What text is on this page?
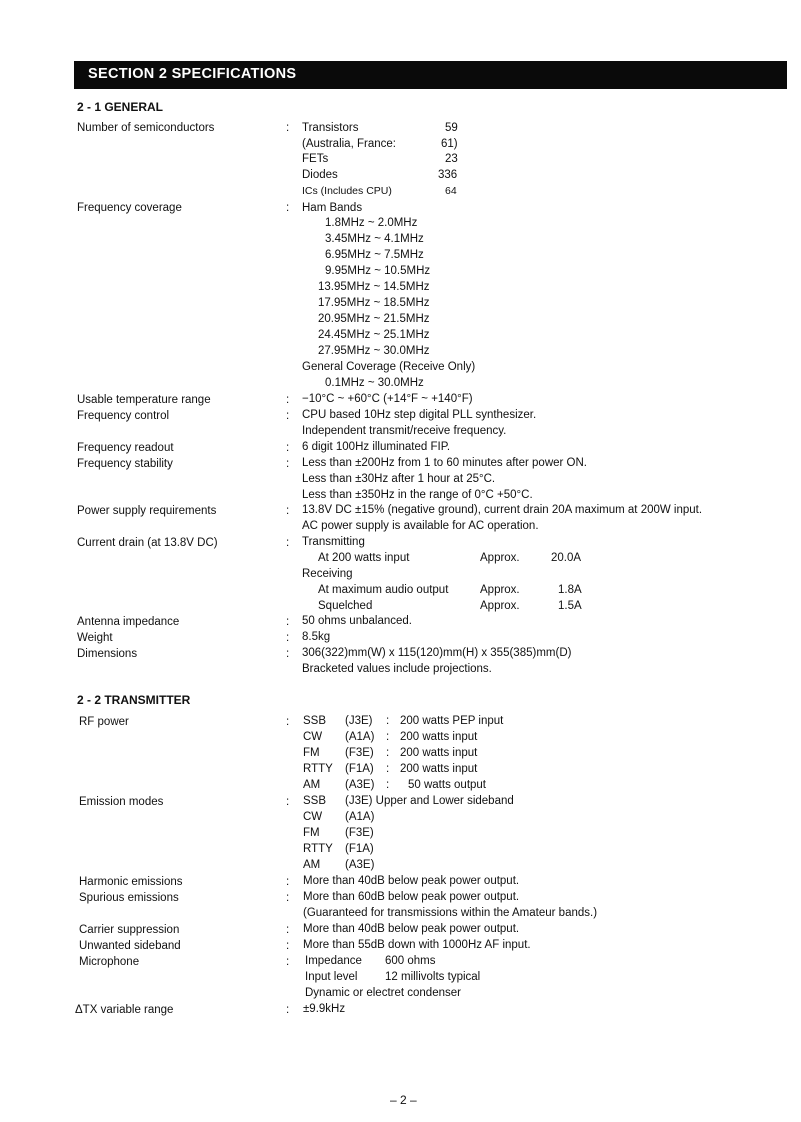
SECTION 2 SPECIFICATIONS
2 - 1 GENERAL
Number of semiconductors	: Transistors	59
(Australia, France:	61)
FETs	23
Diodes	336
ICs (Includes CPU)	64
Frequency coverage	: Ham Bands
1.8MHz ~ 2.0MHz
3.45MHz ~ 4.1MHz
6.95MHz ~ 7.5MHz
9.95MHz ~ 10.5MHz
13.95MHz ~ 14.5MHz
17.95MHz ~ 18.5MHz
20.95MHz ~ 21.5MHz
24.45MHz ~ 25.1MHz
27.95MHz ~ 30.0MHz
General Coverage (Receive Only)
0.1MHz ~ 30.0MHz
Usable temperature range	: −10°C ~ +60°C (+14°F ~ +140°F)
Frequency control	: CPU based 10Hz step digital PLL synthesizer.
Independent transmit/receive frequency.
Frequency readout	: 6 digit 100Hz illuminated FIP.
Frequency stability	: Less than ±200Hz from 1 to 60 minutes after power ON.
Less than ±30Hz after 1 hour at 25°C.
Less than ±350Hz in the range of 0°C +50°C.
Power supply requirements	: 13.8V DC ±15% (negative ground), current drain 20A maximum at 200W input.
AC power supply is available for AC operation.
Current drain (at 13.8V DC)	: Transmitting
At 200 watts input	Approx.	20.0A
Receiving
At maximum audio output	Approx.	1.8A
Squelched	Approx.	1.5A
Antenna impedance	: 50 ohms unbalanced.
Weight	: 8.5kg
Dimensions	: 306(322)mm(W) x 115(120)mm(H) x 355(385)mm(D)
Bracketed values include projections.
2 - 2 TRANSMITTER
RF power	: SSB (J3E) : 200 watts PEP input
CW (A1A) : 200 watts input
FM (F3E) : 200 watts input
RTTY (F1A) : 200 watts input
AM (A3E) : 50 watts output
Emission modes	: SSB (J3E) Upper and Lower sideband
CW (A1A)
FM (F3E)
RTTY (F1A)
AM (A3E)
Harmonic emissions	: More than 40dB below peak power output.
Spurious emissions	: More than 60dB below peak power output.
(Guaranteed for transmissions within the Amateur bands.)
Carrier suppression	: More than 40dB below peak power output.
Unwanted sideband	: More than 55dB down with 1000Hz AF input.
Microphone	: Impedance 600 ohms
Input level 12 millivolts typical
Dynamic or electret condenser
ΔTX variable range	: ±9.9kHz
– 2 –
